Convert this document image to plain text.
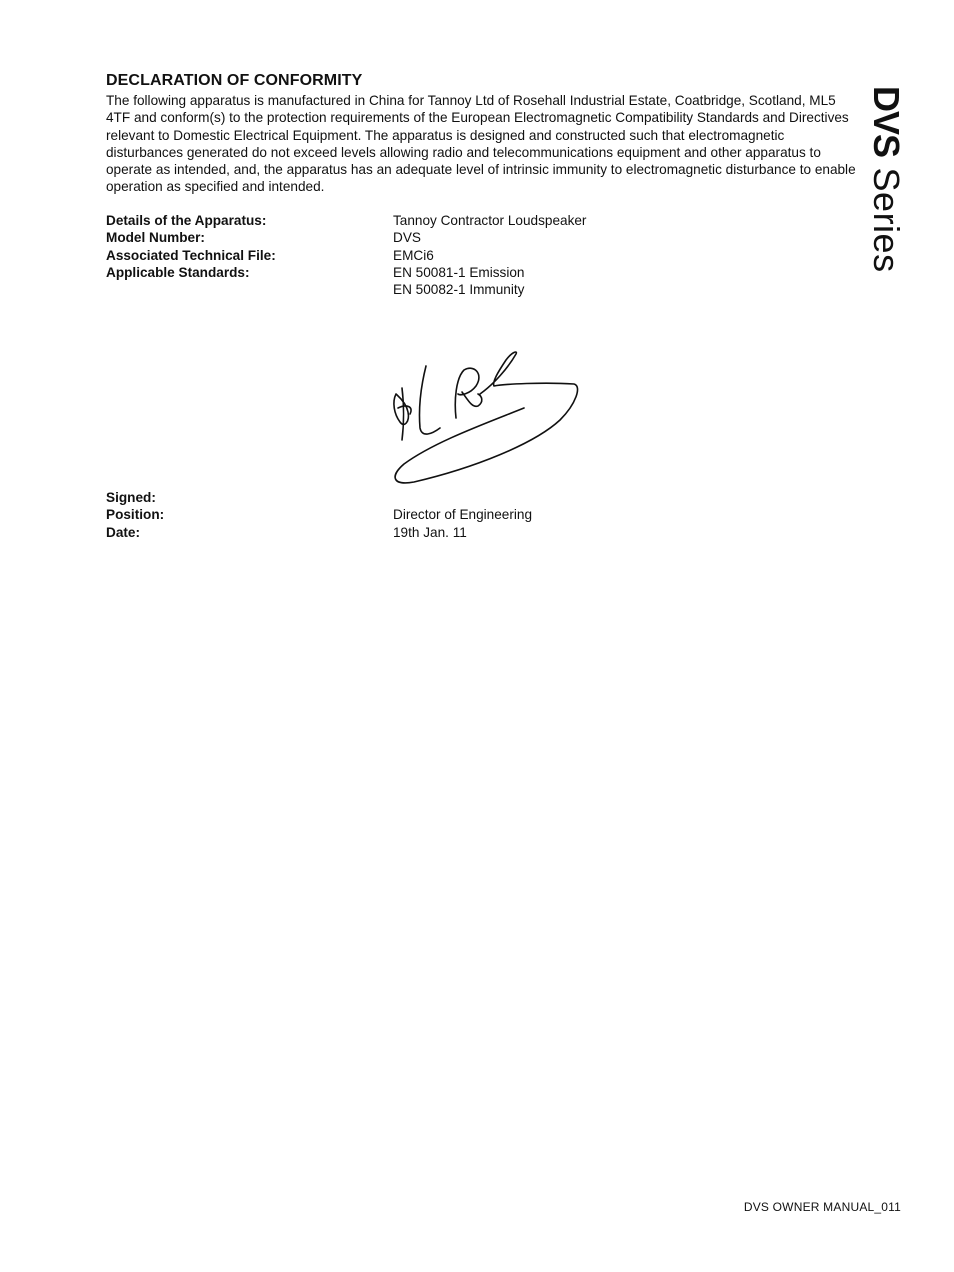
DECLARATION OF CONFORMITY

The following apparatus is manufactured in China for Tannoy Ltd of Rosehall Industrial Estate, Coatbridge, Scotland, ML5 4TF and conform(s) to the protection requirements of the European Electromagnetic Compatibility Standards and Directives relevant to Domestic Electrical Equipment. The apparatus is designed and constructed such that electromagnetic disturbances generated do not exceed levels allowing radio and telecommunications equipment and other apparatus to operate as intended, and, the apparatus has an adequate level of intrinsic immunity to electromagnetic disturbance to enable operation as specified and intended.

Details of the Apparatus:	Tannoy Contractor Loudspeaker
Model Number:	DVS
Associated Technical File:	EMCi6
Applicable Standards:	EN 50081-1 Emission
EN 50082-1 Immunity
Signed:
Position:	Director of Engineering
Date:	19th Jan. 11
DVS Series
DVS OWNER MANUAL_011
